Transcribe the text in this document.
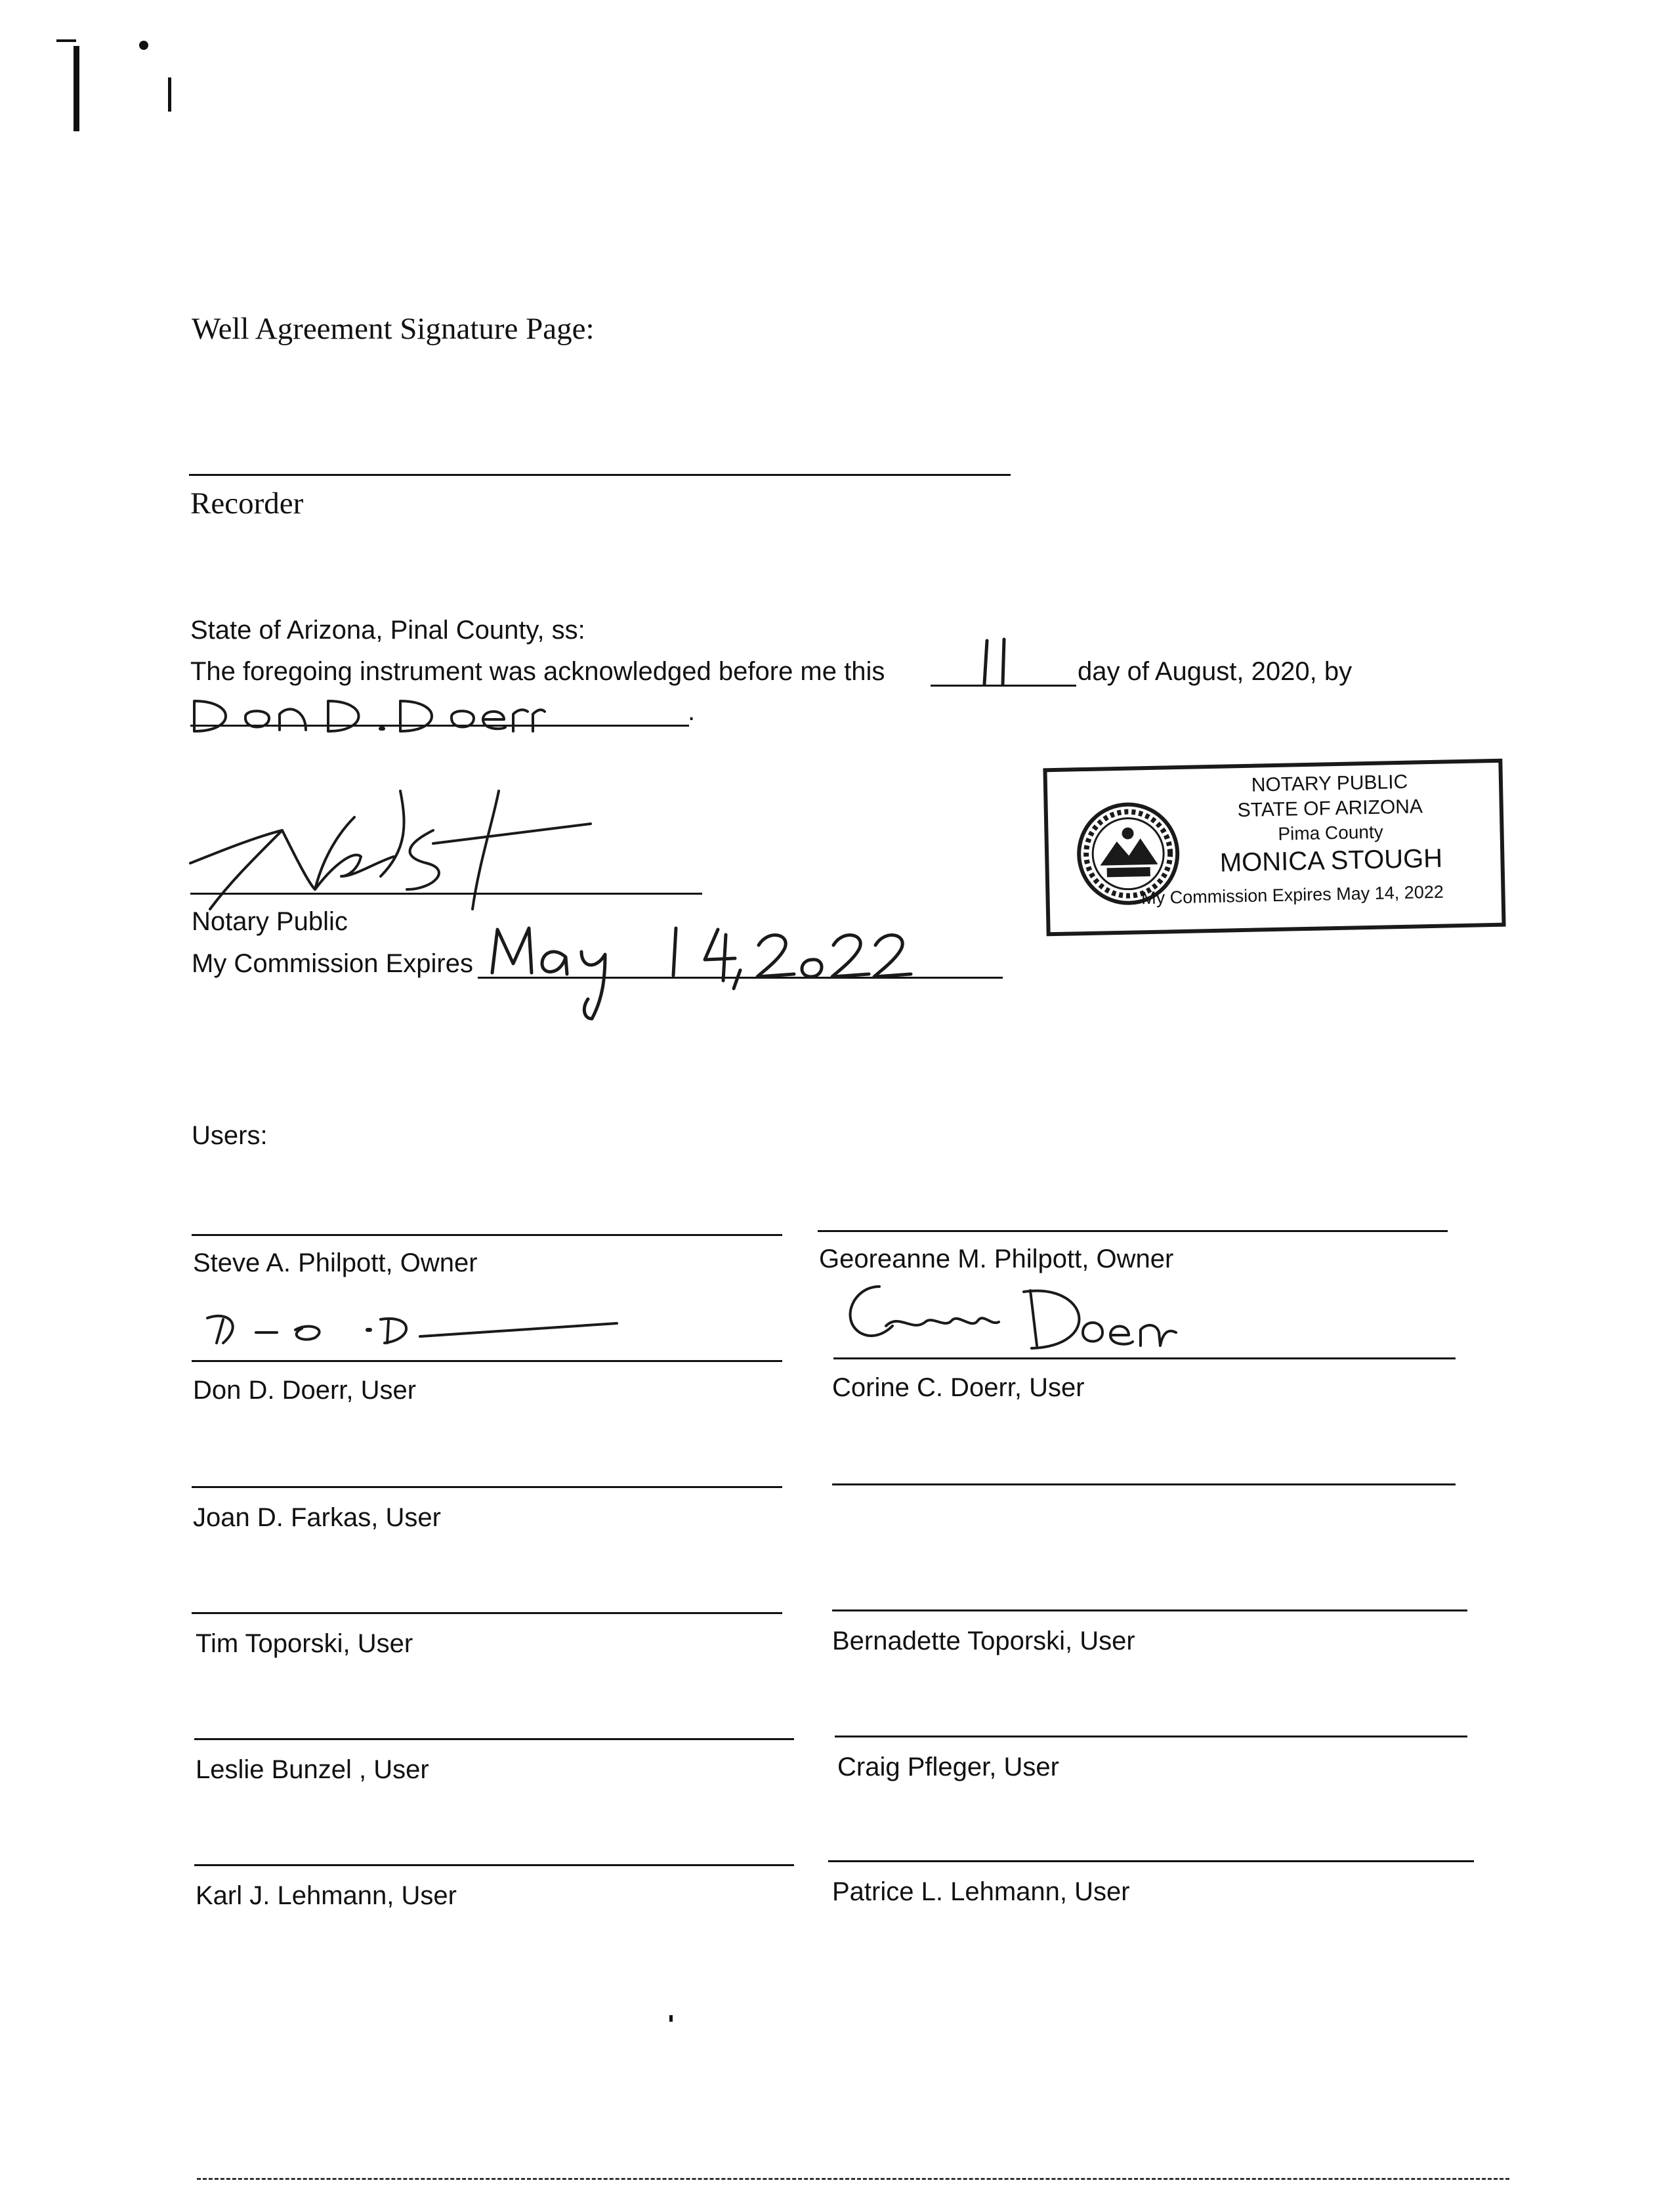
Well Agreement Signature Page:
Recorder
State of Arizona, Pinal County, ss:
The foregoing instrument was acknowledged before me this	day of August, 2020, by
.
Notary Public
My Commission Expires
NOTARY PUBLIC
STATE OF ARIZONA
Pima County
MONICA STOUGH
My Commission Expires May 14, 2022
Users:
Steve A. Philpott, Owner
Don D. Doerr, User
Joan D. Farkas, User
Tim Toporski, User
Leslie Bunzel , User
Karl J. Lehmann, User
Georeanne M. Philpott, Owner
Corine C. Doerr, User
Bernadette Toporski, User
Craig Pfleger, User
Patrice L. Lehmann, User
